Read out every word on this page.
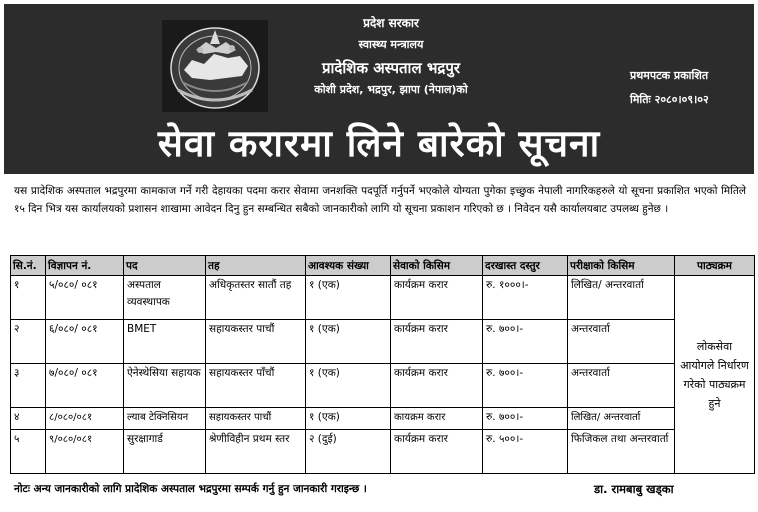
प्रदेश सरकार
स्वास्थ्य मन्त्रालय
प्रादेशिक अस्पताल भद्रपुर
कोशी प्रदेश, भद्रपुर, झापा (नेपाल)को
प्रथमपटक प्रकाशित
मितिः २०८०।०९।०२
सेवा करारमा लिने बारेको सूचना
यस प्रादेशिक अस्पताल भद्रपुरमा कामकाज गर्ने गरी देहायका पदमा करार सेवामा जनशक्ति पदपूर्ति गर्नुपर्ने भएकोले योग्यता पुगेका इच्छुक नेपाली नागरिकहरुले यो सूचना प्रकाशित भएको मितिले १५ दिन भित्र यस कार्यालयको प्रशासन शाखामा आवेदन दिनु हुन सम्बन्धित सबैको जानकारीको लागि यो सूचना प्रकाशन गरिएको छ । निवेदन यसै कार्यालयबाट उपलब्ध हुनेछ ।
सि.नं.	विज्ञापन नं.	पद	तह	आवश्यक संख्या	सेवाको किसिम	दरखास्त दस्तुर	परीक्षाको किसिम	पाठ्यक्रम
१	५/०८०/ ०८१	अस्पताल व्यवस्थापक	अधिकृतस्तर सातौं तह	१ (एक)	कार्यक्रम करार	रु. १०००।-	लिखित/ अन्तरवार्ता	लोकसेवा आयोगले निर्धारण गरेको पाठ्यक्रम हुने
२	६/०८०/ ०८१	BMET	सहायकस्तर पाचौं	१ (एक)	कार्यक्रम करार	रु. ७००।-	अन्तरवार्ता	
३	७/०८०/ ०८१	ऐनेस्थेसिया सहायक	सहायकस्तर पाँचौं	१ (एक)	कार्यक्रम करार	रु. ७००।-	अन्तरवार्ता	
४	८/०८०/०८१	ल्याब टेक्निसियन	सहायकस्तर पाचौं	१ (एक)	कायक्रम करार	रु. ७००।-	लिखित/ अन्तरवार्ता	
५	९/०८०/०८१	सुरक्षागार्ड	श्रेणीविहीन प्रथम स्तर	२ (दुई)	कार्यक्रम करार	रु. ५००।-	फिजिकल तथा अन्तरवार्ता	
नोटः अन्य जानकारीको लागि प्रादेशिक अस्पताल भद्रपुरमा सम्पर्क गर्नु हुन जानकारी गराइन्छ ।	डा. रामबाबु खड्का
